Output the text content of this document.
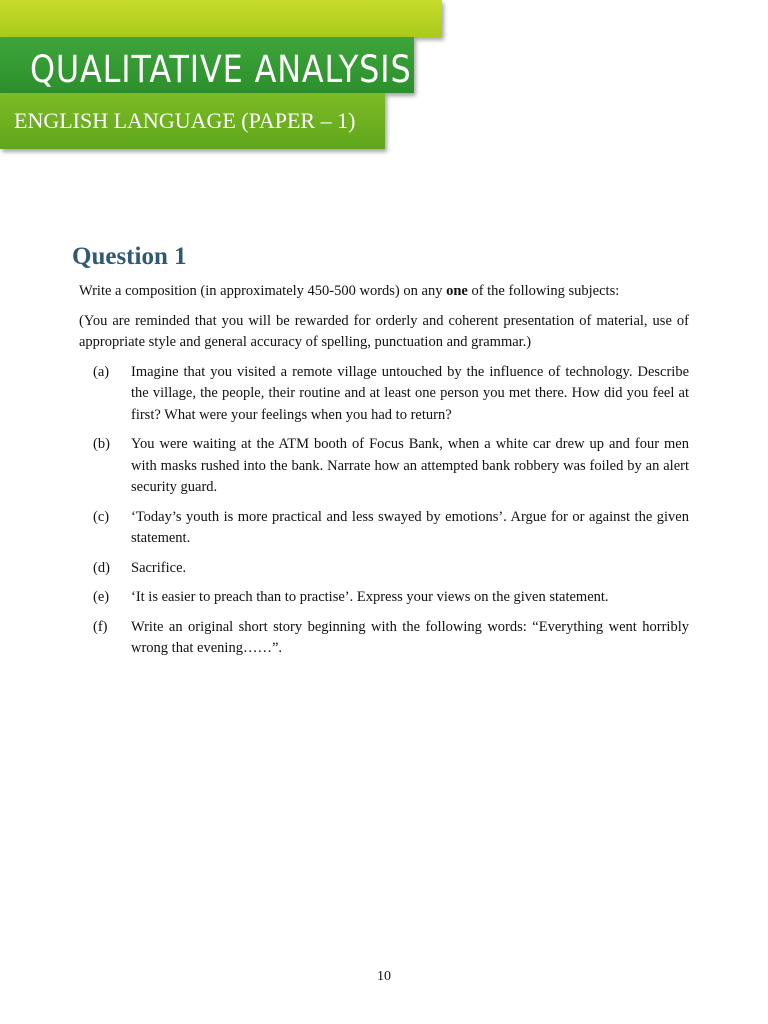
QUALITATIVE ANALYSIS
ENGLISH LANGUAGE (PAPER – 1)
Question 1

Write a composition (in approximately 450-500 words) on any one of the following subjects:

(You are reminded that you will be rewarded for orderly and coherent presentation of material, use of appropriate style and general accuracy of spelling, punctuation and grammar.)

(a) Imagine that you visited a remote village untouched by the influence of technology. Describe the village, the people, their routine and at least one person you met there. How did you feel at first? What were your feelings when you had to return?
(b) You were waiting at the ATM booth of Focus Bank, when a white car drew up and four men with masks rushed into the bank. Narrate how an attempted bank robbery was foiled by an alert security guard.
(c) ‘Today’s youth is more practical and less swayed by emotions’. Argue for or against the given statement.
(d) Sacrifice.
(e) ‘It is easier to preach than to practise’. Express your views on the given statement.
(f) Write an original short story beginning with the following words: “Everything went horribly wrong that evening……”.
10
